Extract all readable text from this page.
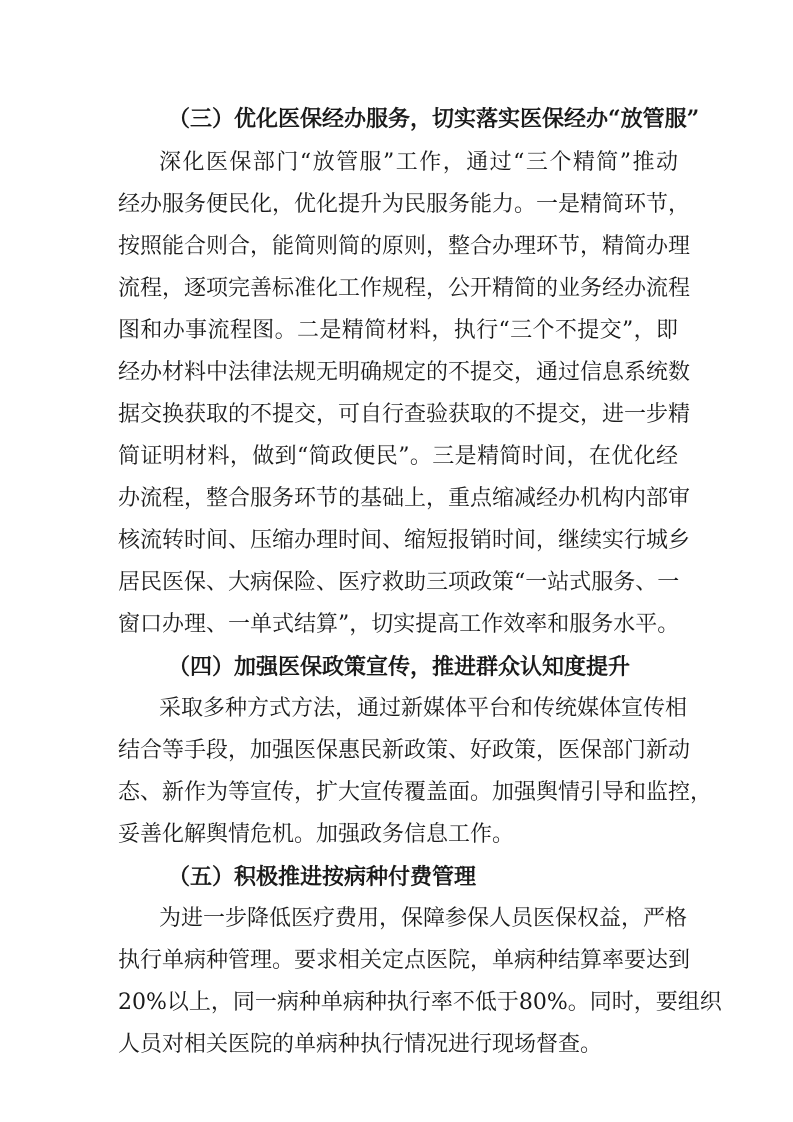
（三）优化医保经办服务，切实落实医保经办“放管服”
深化医保部门“放管服”工作，通过“三个精简”推动
经办服务便民化，优化提升为民服务能力。一是精简环节，
按照能合则合，能简则简的原则，整合办理环节，精简办理
流程，逐项完善标准化工作规程，公开精简的业务经办流程
图和办事流程图。二是精简材料，执行“三个不提交”，即
经办材料中法律法规无明确规定的不提交，通过信息系统数
据交换获取的不提交，可自行查验获取的不提交，进一步精
简证明材料，做到“简政便民”。三是精简时间，在优化经
办流程，整合服务环节的基础上，重点缩减经办机构内部审
核流转时间、压缩办理时间、缩短报销时间，继续实行城乡
居民医保、大病保险、医疗救助三项政策“一站式服务、一
窗口办理、一单式结算”，切实提高工作效率和服务水平。
（四）加强医保政策宣传，推进群众认知度提升
采取多种方式方法，通过新媒体平台和传统媒体宣传相
结合等手段，加强医保惠民新政策、好政策，医保部门新动
态、新作为等宣传，扩大宣传覆盖面。加强舆情引导和监控，
妥善化解舆情危机。加强政务信息工作。
（五）积极推进按病种付费管理
为进一步降低医疗费用，保障参保人员医保权益，严格
执行单病种管理。要求相关定点医院，单病种结算率要达到
20%以上，同一病种单病种执行率不低于80%。同时，要组织
人员对相关医院的单病种执行情况进行现场督查。
